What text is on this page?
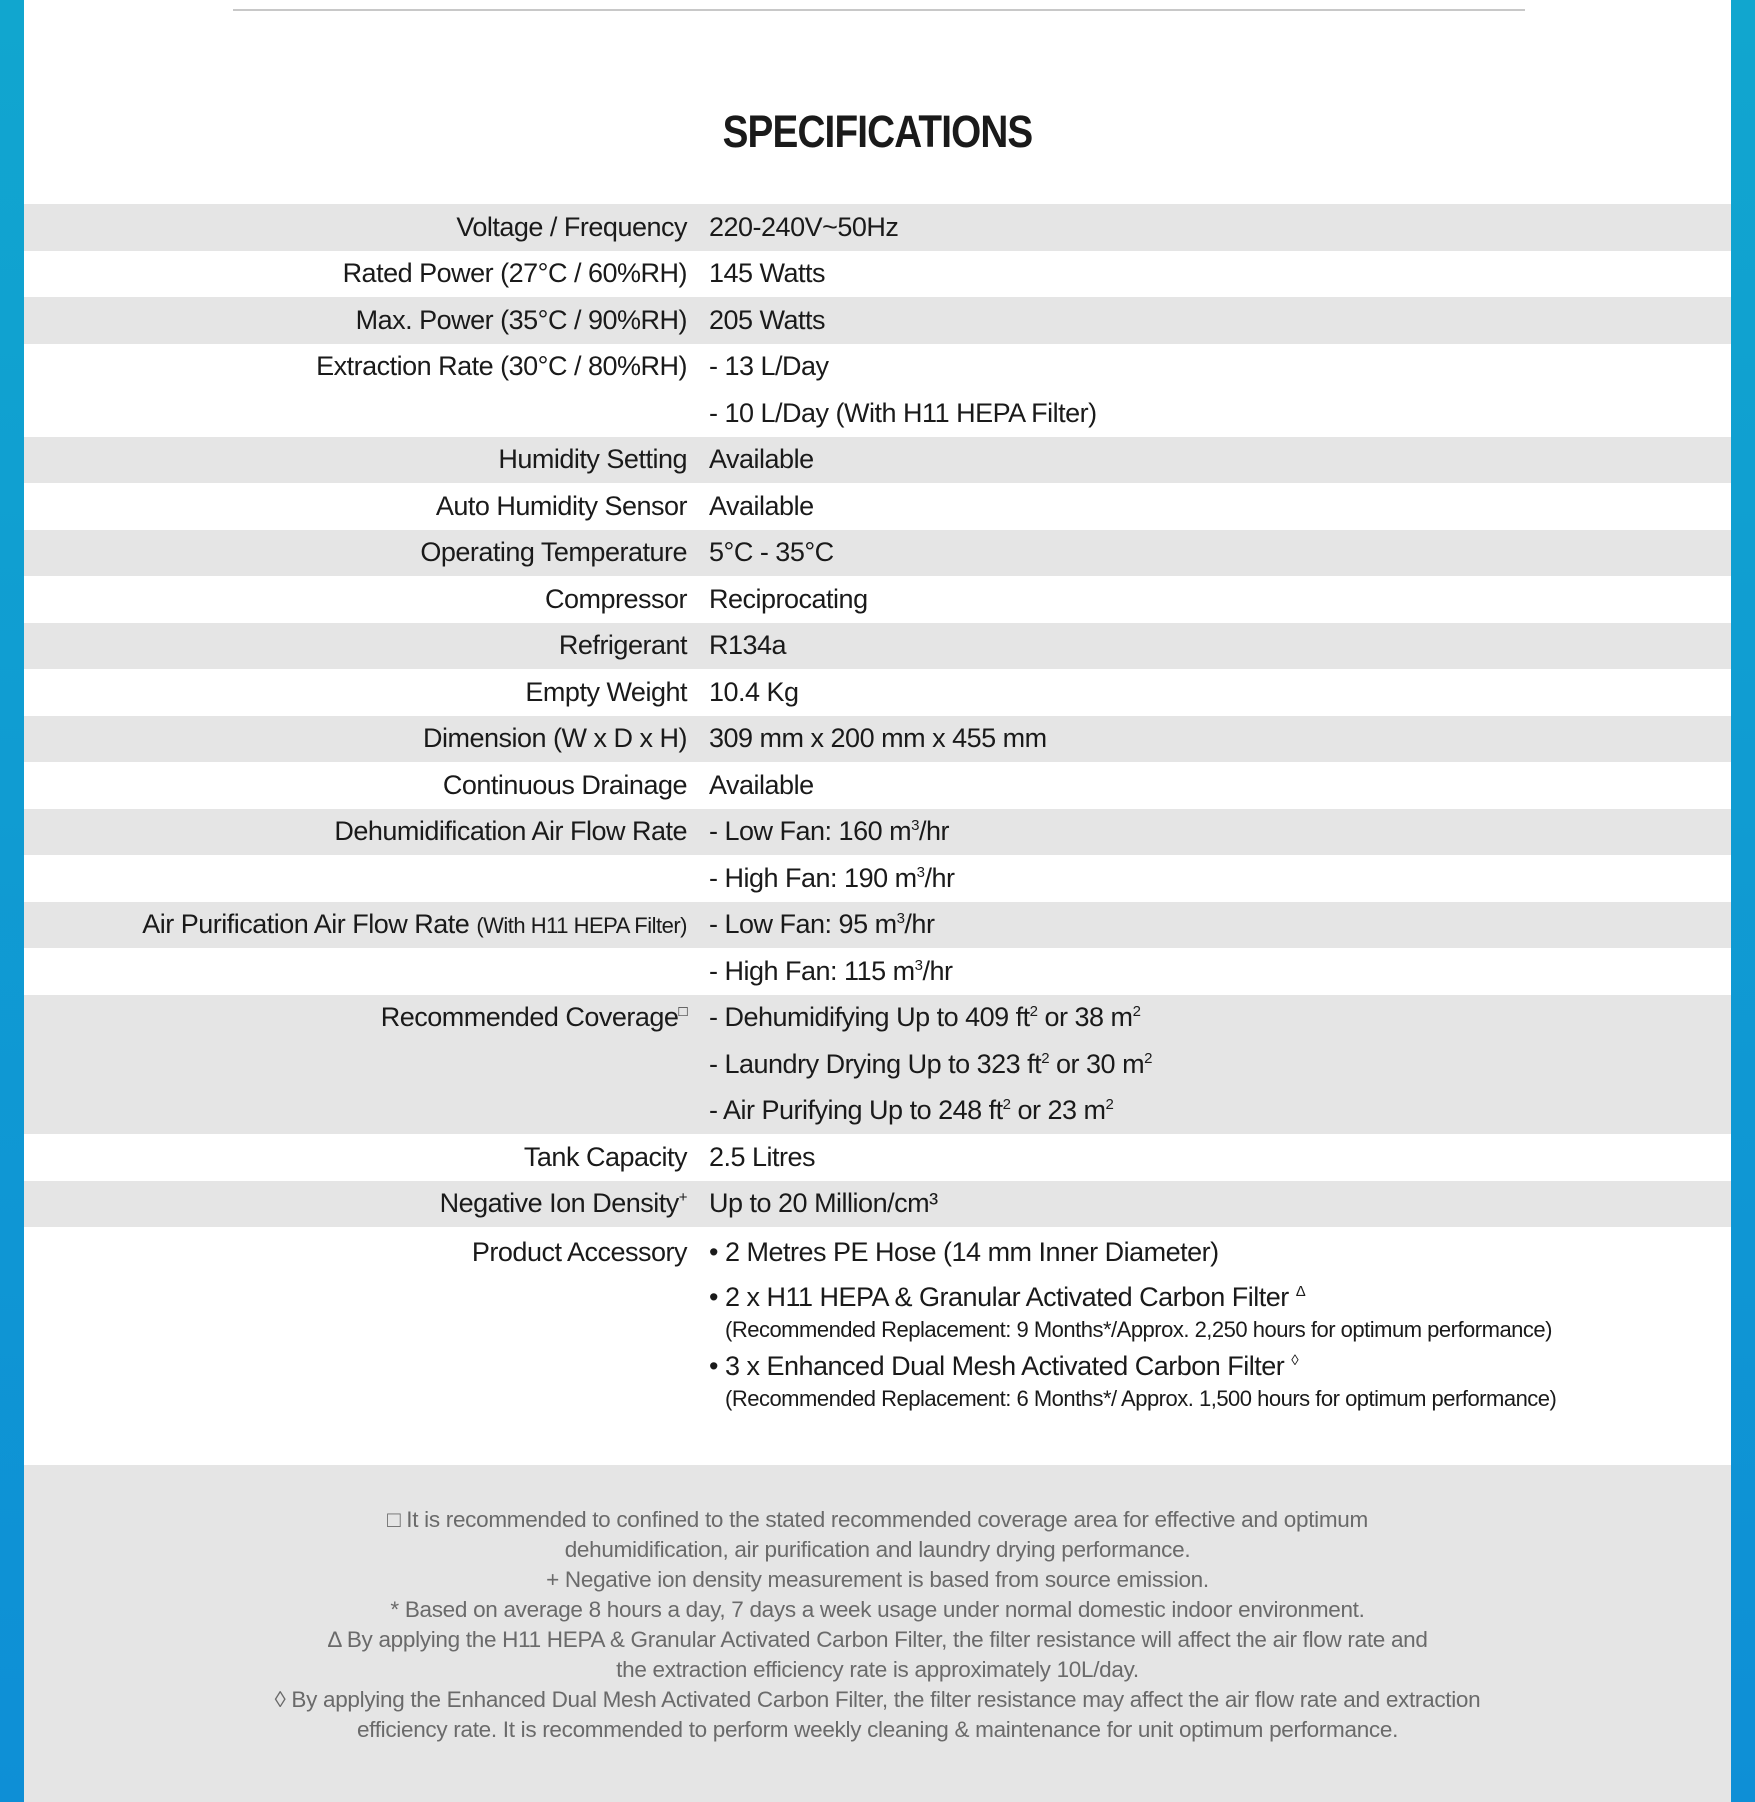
SPECIFICATIONS
Voltage / Frequency 220-240V~50Hz
Rated Power (27°C / 60%RH) 145 Watts
Max. Power (35°C / 90%RH) 205 Watts
Extraction Rate (30°C / 80%RH) - 13 L/Day
- 10 L/Day (With H11 HEPA Filter)
Humidity Setting Available
Auto Humidity Sensor Available
Operating Temperature 5°C - 35°C
Compressor Reciprocating
Refrigerant R134a
Empty Weight 10.4 Kg
Dimension (W x D x H) 309 mm x 200 mm x 455 mm
Continuous Drainage Available
Dehumidification Air Flow Rate - Low Fan: 160 $m^3/hr$
- High Fan: 190 $m^3/hr$
Air Purification Air Flow Rate (With H11 HEPA Filter) - Low Fan: 95 $m^3/hr$
- High Fan: 115 $m^3/hr$
Recommended Coverage□ - Dehumidifying Up to 409 $ft^2$ or 38 $m^2$
- Laundry Drying Up to 323 $ft^2$ or 30 $m^2$
- Air Purifying Up to 248 $ft^2$ or 23 $m^2$
Tank Capacity 2.5 Litres
Negative Ion Density+ Up to 20 Million/cm³
Product Accessory • 2 Metres PE Hose (14 mm Inner Diameter)
• 2 x H11 HEPA & Granular Activated Carbon Filter $^\Delta$
(Recommended Replacement: 9 Months*/Approx. 2,250 hours for optimum performance)
• 3 x Enhanced Dual Mesh Activated Carbon Filter ◊
(Recommended Replacement: 6 Months*/ Approx. 1,500 hours for optimum performance)
□ It is recommended to confined to the stated recommended coverage area for effective and optimum
dehumidification, air purification and laundry drying performance.
+ Negative ion density measurement is based from source emission.
* Based on average 8 hours a day, 7 days a week usage under normal domestic indoor environment.
Δ By applying the H11 HEPA & Granular Activated Carbon Filter, the filter resistance will affect the air flow rate and
the extraction efficiency rate is approximately 10L/day.
◊ By applying the Enhanced Dual Mesh Activated Carbon Filter, the filter resistance may affect the air flow rate and extraction
efficiency rate. It is recommended to perform weekly cleaning & maintenance for unit optimum performance.
